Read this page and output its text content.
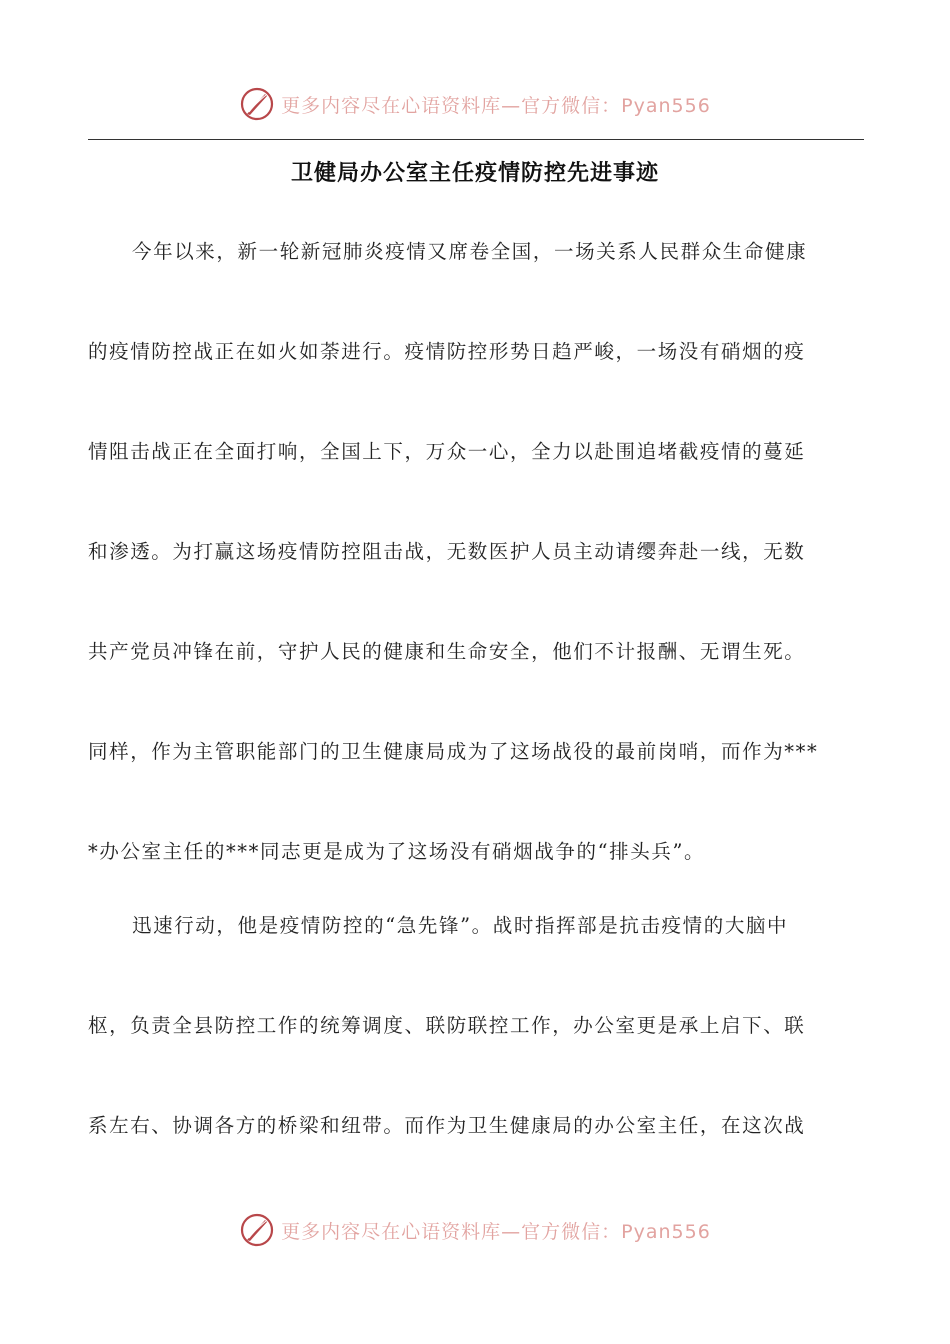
更多内容尽在心语资料库—官方微信：Pyan556
卫健局办公室主任疫情防控先进事迹
今年以来，新一轮新冠肺炎疫情又席卷全国，一场关系人民群众生命健康
的疫情防控战正在如火如荼进行。疫情防控形势日趋严峻，一场没有硝烟的疫
情阻击战正在全面打响，全国上下，万众一心，全力以赴围追堵截疫情的蔓延
和渗透。为打赢这场疫情防控阻击战，无数医护人员主动请缨奔赴一线，无数
共产党员冲锋在前，守护人民的健康和生命安全，他们不计报酬、无谓生死。
同样，作为主管职能部门的卫生健康局成为了这场战役的最前岗哨，而作为***
*办公室主任的***同志更是成为了这场没有硝烟战争的“排头兵”。
迅速行动，他是疫情防控的“急先锋”。战时指挥部是抗击疫情的大脑中
枢，负责全县防控工作的统筹调度、联防联控工作，办公室更是承上启下、联
系左右、协调各方的桥梁和纽带。而作为卫生健康局的办公室主任，在这次战
更多内容尽在心语资料库—官方微信：Pyan556
